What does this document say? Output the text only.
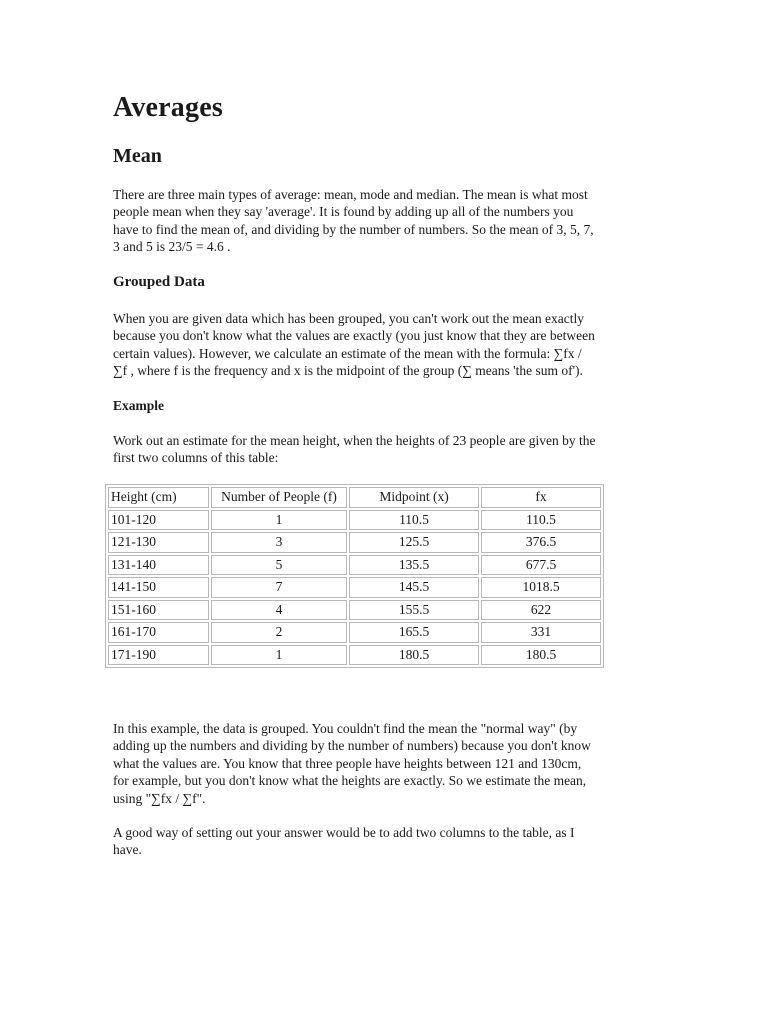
Averages
Mean
There are three main types of average: mean, mode and median. The mean is what most
people mean when they say 'average'. It is found by adding up all of the numbers you
have to find the mean of, and dividing by the number of numbers. So the mean of 3, 5, 7,
3 and 5 is 23/5 = 4.6 .
Grouped Data
When you are given data which has been grouped, you can't work out the mean exactly
because you don't know what the values are exactly (you just know that they are between
certain values). However, we calculate an estimate of the mean with the formula: ∑fx /
∑f , where f is the frequency and x is the midpoint of the group (∑ means 'the sum of').
Example
Work out an estimate for the mean height, when the heights of 23 people are given by the
first two columns of this table:
In this example, the data is grouped. You couldn't find the mean the "normal way" (by
adding up the numbers and dividing by the number of numbers) because you don't know
what the values are. You know that three people have heights between 121 and 130cm,
for example, but you don't know what the heights are exactly. So we estimate the mean,
using "∑fx / ∑f".
A good way of setting out your answer would be to add two columns to the table, as I
have.
Height (cm)	Number of People (f)	Midpoint (x)	fx
101-120	1	110.5	110.5
121-130	3	125.5	376.5
131-140	5	135.5	677.5
141-150	7	145.5	1018.5
151-160	4	155.5	622
161-170	2	165.5	331
171-190	1	180.5	180.5
